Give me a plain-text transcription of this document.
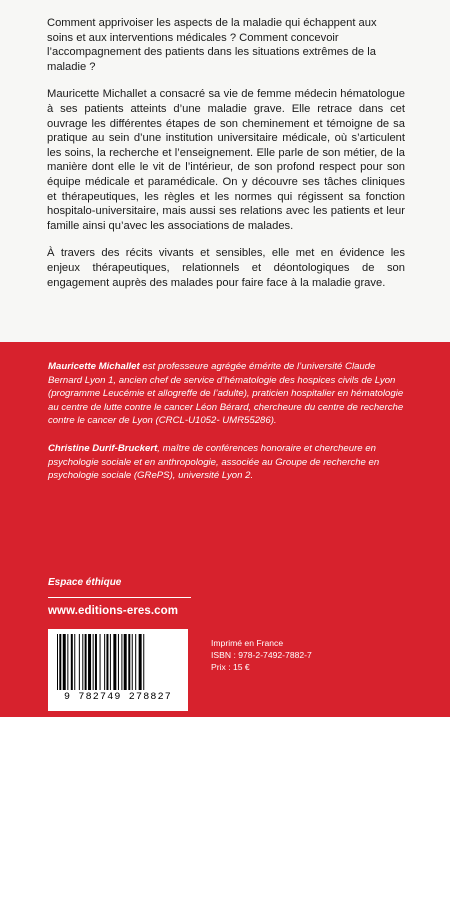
Comment apprivoiser les aspects de la maladie qui échappent aux soins et aux interventions médicales ? Comment concevoir l’accompagnement des patients dans les situations extrêmes de la maladie ?

Mauricette Michallet a consacré sa vie de femme médecin hématologue à ses patients atteints d’une maladie grave. Elle retrace dans cet ouvrage les différentes étapes de son cheminement et témoigne de sa pratique au sein d’une institution universitaire médicale, où s’articulent les soins, la recherche et l’enseignement. Elle parle de son métier, de la manière dont elle le vit de l’intérieur, de son profond respect pour son équipe médicale et paramédicale. On y découvre ses tâches cliniques et thérapeutiques, les règles et les normes qui régissent sa fonction hospitalo-universitaire, mais aussi ses relations avec les patients et leur famille ainsi qu’avec les associations de malades.

À travers des récits vivants et sensibles, elle met en évidence les enjeux thérapeutiques, relationnels et déontologiques de son engagement auprès des malades pour faire face à la maladie grave.

Mauricette Michallet est professeure agrégée émérite de l’université Claude Bernard Lyon 1, ancien chef de service d’hématologie des hospices civils de Lyon (programme Leucémie et allogreffe de l’adulte), praticien hospitalier en hématologie au centre de lutte contre le cancer Léon Bérard, chercheure du centre de recherche contre le cancer de Lyon (CRCL-U1052- UMR55286).
Christine Durif-Bruckert, maître de conférences honoraire et chercheure en psychologie sociale et en anthropologie, associée au Groupe de recherche en psychologie sociale (GRePS), université Lyon 2.
Photo de couverture par allinonemovie de Pixabay
Espace éthique
www.editions-eres.com
9 782749 278827
Imprimé en France
ISBN : 978-2-7492-7882-7
Prix : 15 €
